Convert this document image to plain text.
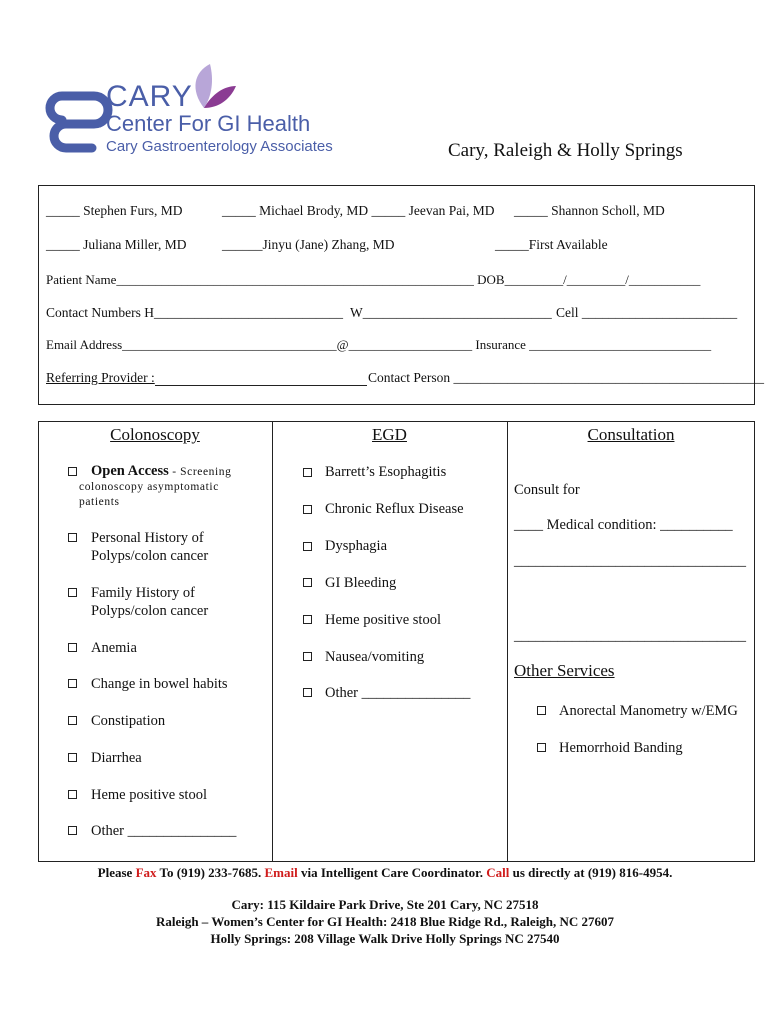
CARY
Center For GI Health
Cary Gastroenterology Associates	Cary, Raleigh & Holly Springs
_____ Stephen Furs, MD	_____ Michael Brody, MD _____ Jeevan Pai, MD _____ Shannon Scholl, MD
_____ Juliana Miller, MD	______Jinyu (Jane) Zhang, MD	_____First Available
Patient Name_______________________________________________________ DOB_________/_________/___________
Contact Numbers H____________________________ W____________________________ Cell _______________________
Email Address_________________________________@___________________ Insurance ____________________________
Referring Provider :	Contact Person ______________________________________________
Colonoscopy
Open Access - Screening
colonoscopy asymptomatic
patients
Personal History of
Polyps/colon cancer
Family History of
Polyps/colon cancer
Anemia
Change in bowel habits
Constipation
Diarrhea
Heme positive stool
Other _______________
EGD
Barrett’s Esophagitis
Chronic Reflux Disease
Dysphagia
GI Bleeding
Heme positive stool
Nausea/vomiting
Other _______________
Consultation
Consult for
____ Medical condition: __________
________________________________
________________________________
Other Services
Anorectal Manometry w/EMG
Hemorrhoid Banding
Please Fax To (919) 233-7685. Email via Intelligent Care Coordinator. Call us directly at (919) 816-4954.
Cary: 115 Kildaire Park Drive, Ste 201 Cary, NC 27518
Raleigh – Women’s Center for GI Health: 2418 Blue Ridge Rd., Raleigh, NC 27607
Holly Springs: 208 Village Walk Drive Holly Springs NC 27540
